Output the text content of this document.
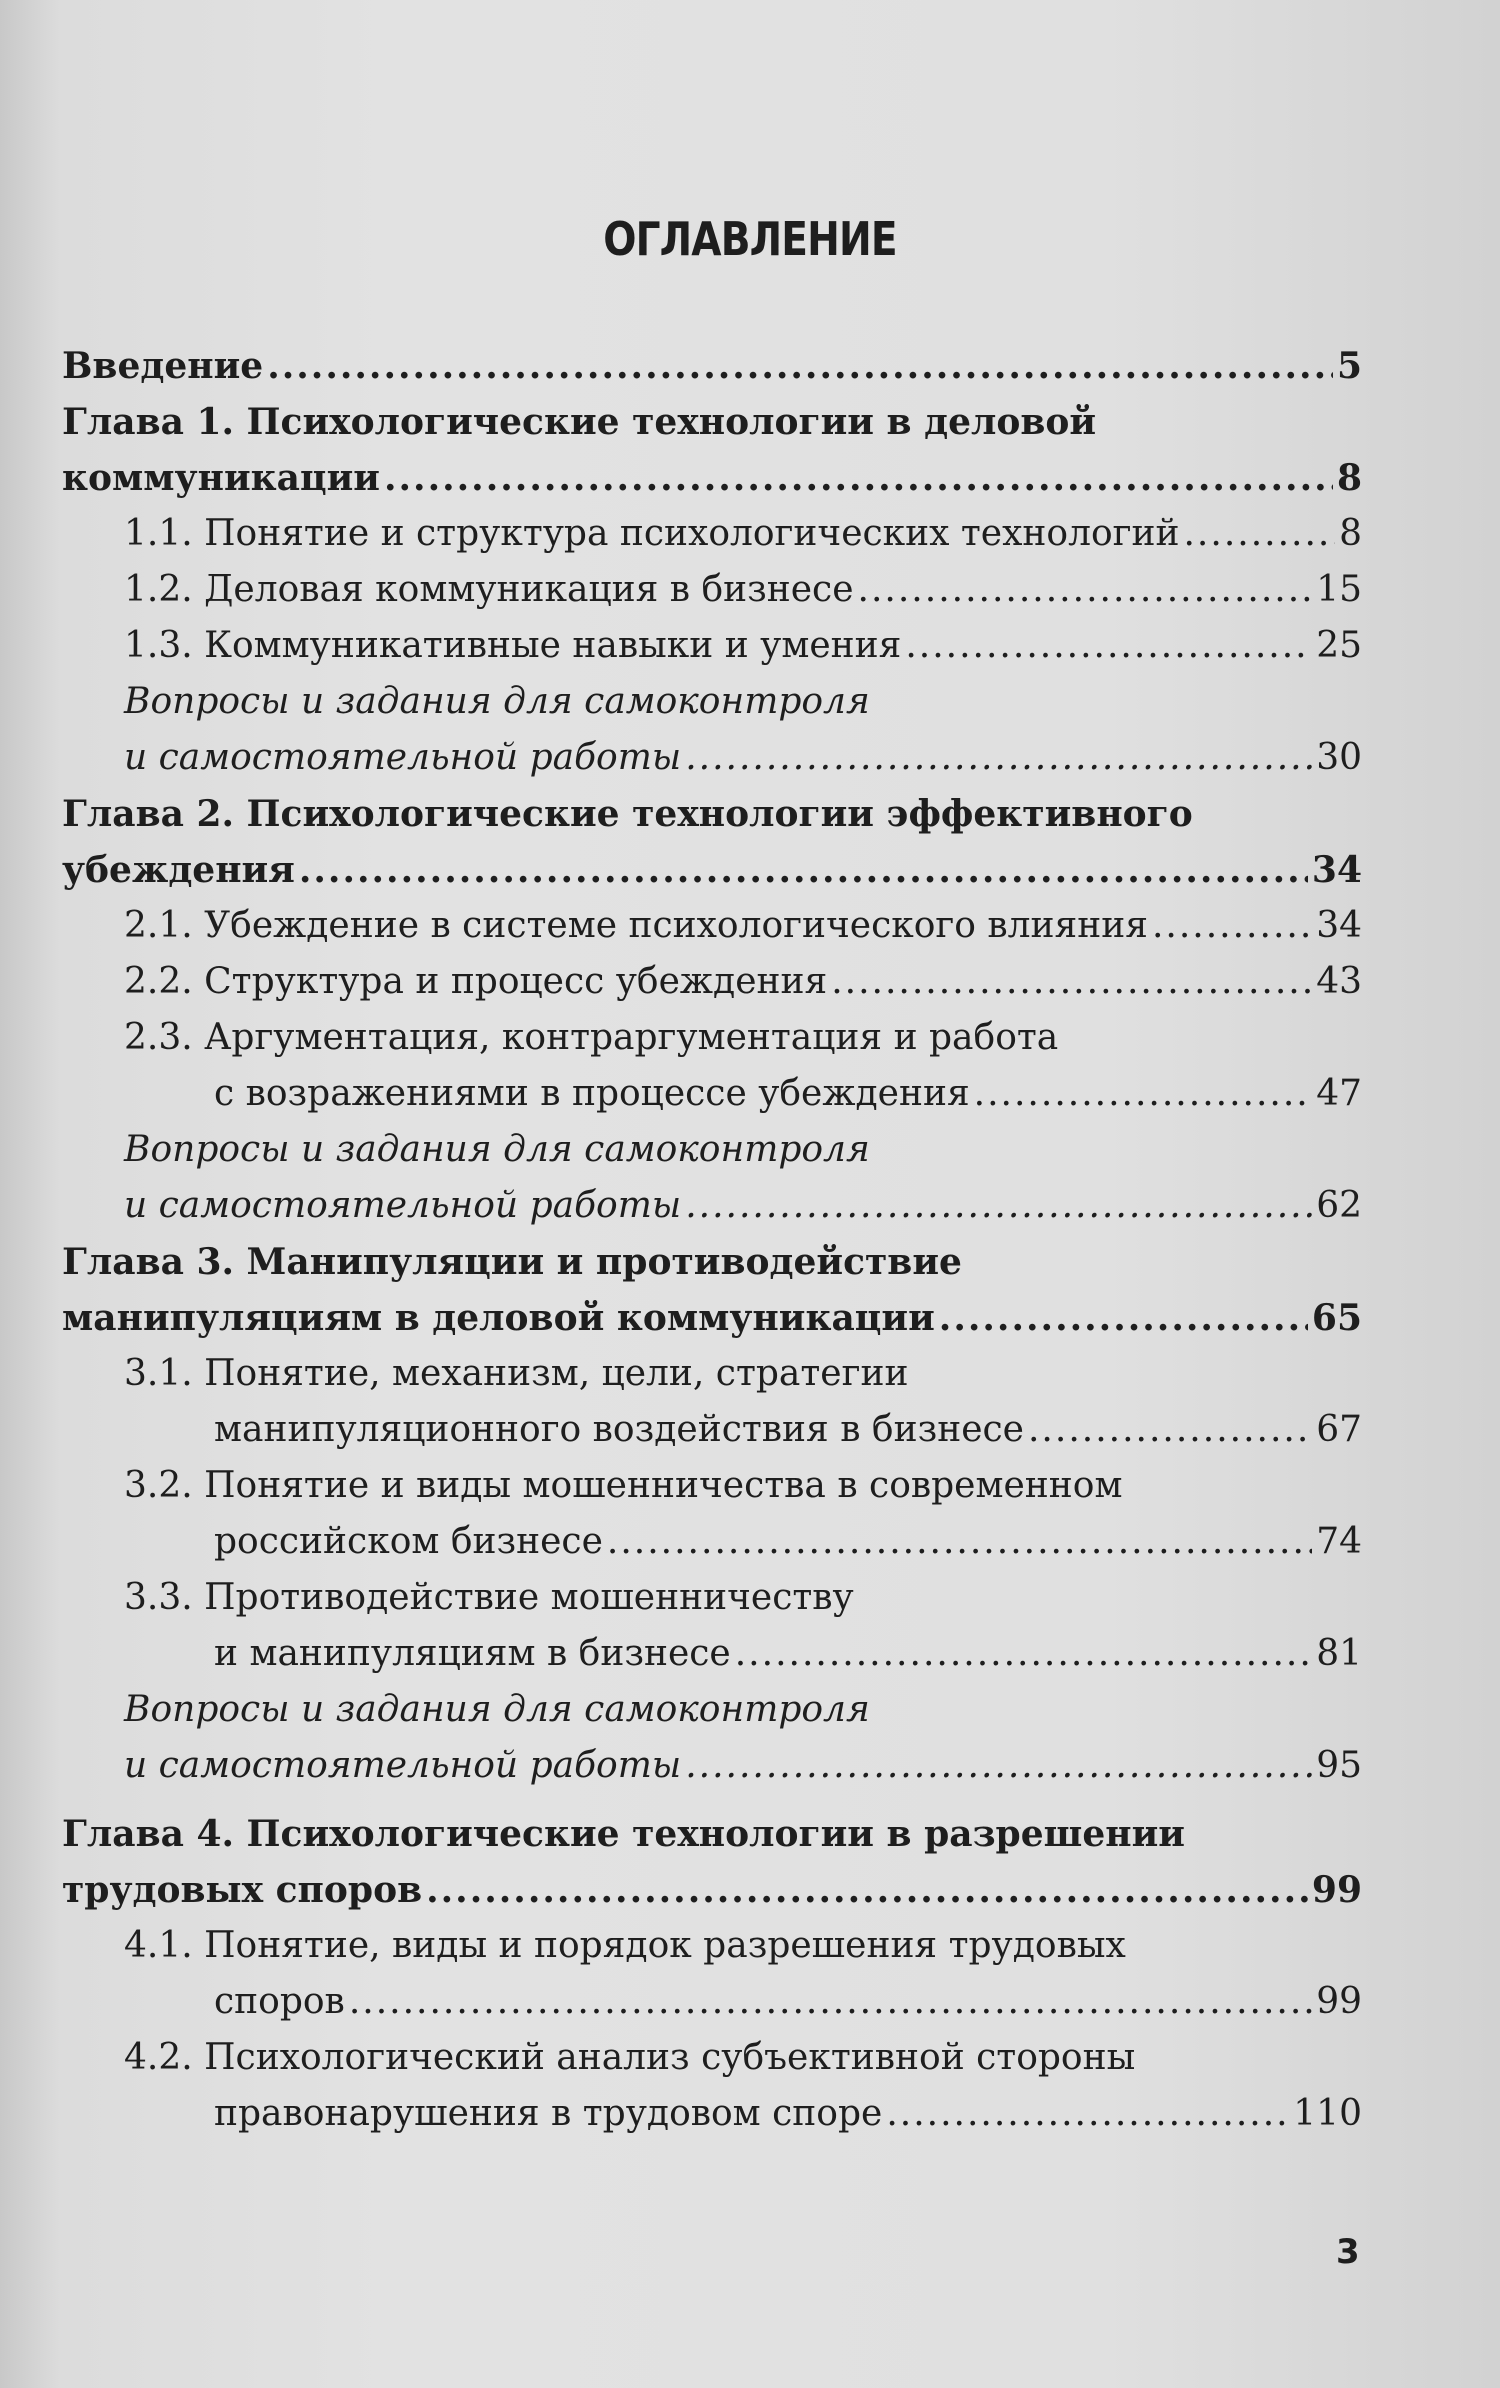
ОГЛАВЛЕНИЕ
Введение .....	5
Глава 1. Психологические технологии в деловой
коммуникации .....	8
1.1. Понятие и структура психологических технологий .....	8
1.2. Деловая коммуникация в бизнесе .....	15
1.3. Коммуникативные навыки и умения .....	25
Вопросы и задания для самоконтроля
и самостоятельной работы .....	30
Глава 2. Психологические технологии эффективного
убеждения .....	34
2.1. Убеждение в системе психологического влияния .....	34
2.2. Структура и процесс убеждения .....	43
2.3. Аргументация, контраргументация и работа
с возражениями в процессе убеждения .....	47
Вопросы и задания для самоконтроля
и самостоятельной работы .....	62
Глава 3. Манипуляции и противодействие
манипуляциям в деловой коммуникации .....	65
3.1. Понятие, механизм, цели, стратегии
манипуляционного воздействия в бизнесе .....	67
3.2. Понятие и виды мошенничества в современном
российском бизнесе .....	74
3.3. Противодействие мошенничеству
и манипуляциям в бизнесе .....	81
Вопросы и задания для самоконтроля
и самостоятельной работы .....	95
Глава 4. Психологические технологии в разрешении
трудовых споров .....	99
4.1. Понятие, виды и порядок разрешения трудовых
споров .....	99
4.2. Психологический анализ субъективной стороны
правонарушения в трудовом споре .....	110
3
